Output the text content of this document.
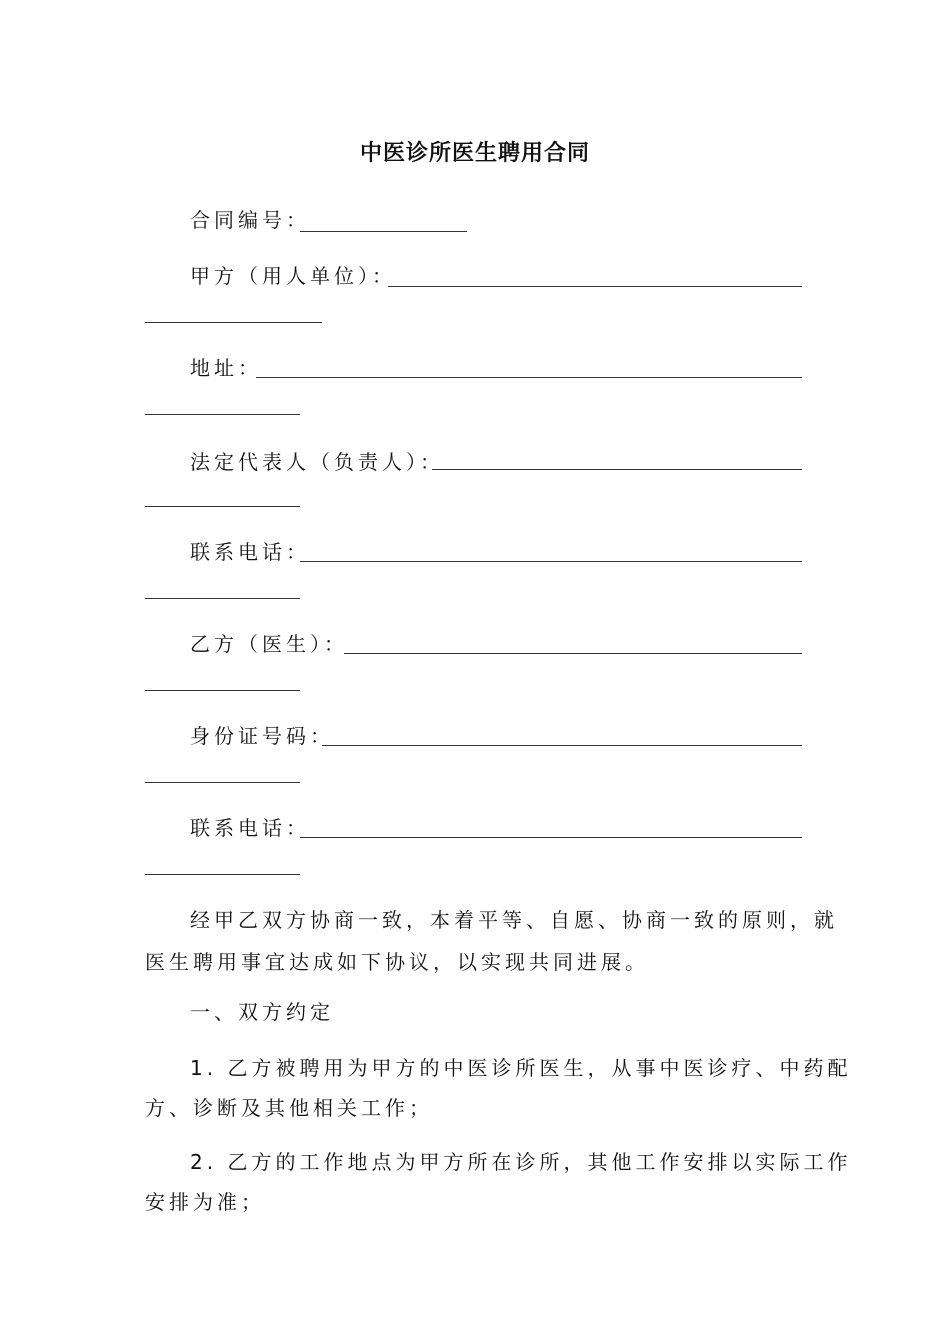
中医诊所医生聘用合同
合同编号：
甲方（用人单位）：
地址：
法定代表人（负责人）：
联系电话：
乙方（医生）：
身份证号码：
联系电话：
经甲乙双方协商一致，本着平等、自愿、协商一致的原则，就
医生聘用事宜达成如下协议，以实现共同进展。
一、双方约定
1. 乙方被聘用为甲方的中医诊所医生，从事中医诊疗、中药配
方、诊断及其他相关工作；
2. 乙方的工作地点为甲方所在诊所，其他工作安排以实际工作
安排为准；
